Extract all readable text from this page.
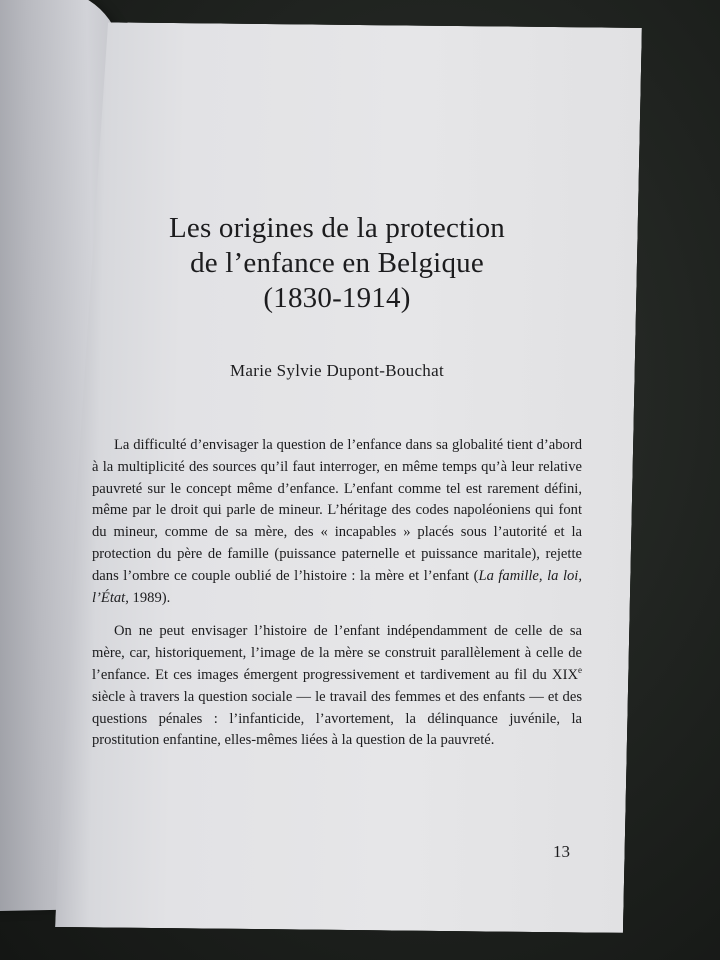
Les origines de la protection
de l’enfance en Belgique
(1830-1914)
Marie Sylvie Dupont-Bouchat

La difficulté d’envisager la question de l’enfance dans sa globalité tient d’abord à la multiplicité des sources qu’il faut interroger, en même temps qu’à leur relative pauvreté sur le concept même d’enfance. L’enfant comme tel est rarement défini, même par le droit qui parle de mineur. L’héritage des codes napoléoniens qui font du mineur, comme de sa mère, des « incapables » placés sous l’autorité et la protection du père de famille (puissance paternelle et puissance maritale), rejette dans l’ombre ce couple oublié de l’histoire : la mère et l’enfant (La famille, la loi, l’État, 1989).

On ne peut envisager l’histoire de l’enfant indépendamment de celle de sa mère, car, historiquement, l’image de la mère se construit parallèlement à celle de l’enfance. Et ces images émergent progressivement et tardivement au fil du XIXe siècle à travers la question sociale — le travail des femmes et des enfants — et des questions pénales : l’infanticide, l’avortement, la délinquance juvénile, la prostitution enfantine, elles-mêmes liées à la question de la pauvreté.

13
